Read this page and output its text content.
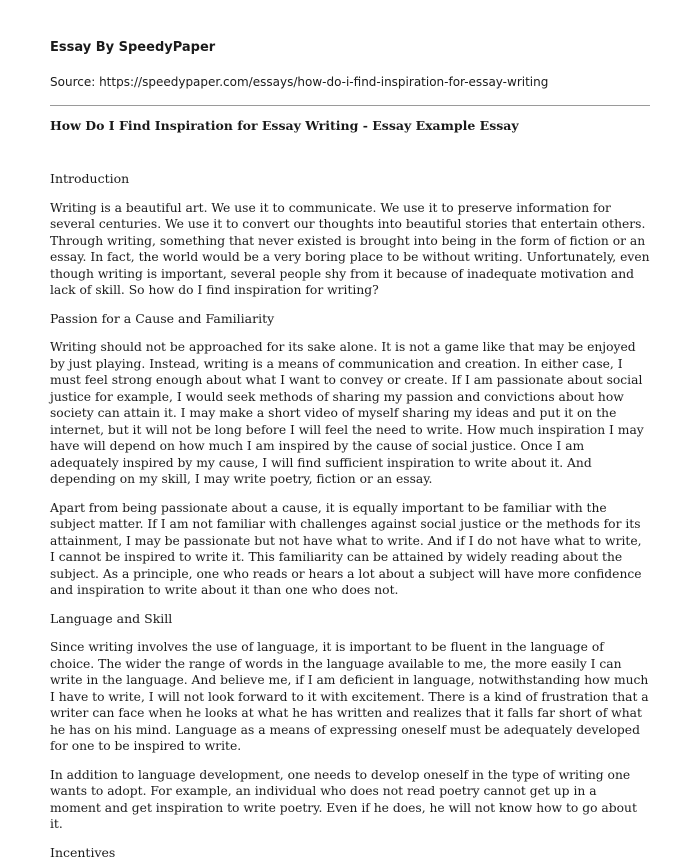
Essay By SpeedyPaper
Source: https://speedypaper.com/essays/how-do-i-find-inspiration-for-essay-writing
How Do I Find Inspiration for Essay Writing - Essay Example Essay
Introduction

Writing is a beautiful art. We use it to communicate. We use it to preserve information for several centuries. We use it to convert our thoughts into beautiful stories that entertain others. Through writing, something that never existed is brought into being in the form of fiction or an essay. In fact, the world would be a very boring place to be without writing. Unfortunately, even though writing is important, several people shy from it because of inadequate motivation and lack of skill. So how do I find inspiration for writing?

Passion for a Cause and Familiarity

Writing should not be approached for its sake alone. It is not a game like that may be enjoyed by just playing. Instead, writing is a means of communication and creation. In either case, I must feel strong enough about what I want to convey or create. If I am passionate about social justice for example, I would seek methods of sharing my passion and convictions about how society can attain it. I may make a short video of myself sharing my ideas and put it on the internet, but it will not be long before I will feel the need to write. How much inspiration I may have will depend on how much I am inspired by the cause of social justice. Once I am adequately inspired by my cause, I will find sufficient inspiration to write about it. And depending on my skill, I may write poetry, fiction or an essay.

Apart from being passionate about a cause, it is equally important to be familiar with the subject matter. If I am not familiar with challenges against social justice or the methods for its attainment, I may be passionate but not have what to write. And if I do not have what to write, I cannot be inspired to write it. This familiarity can be attained by widely reading about the subject. As a principle, one who reads or hears a lot about a subject will have more confidence and inspiration to write about it than one who does not.

Language and Skill

Since writing involves the use of language, it is important to be fluent in the language of choice. The wider the range of words in the language available to me, the more easily I can write in the language. And believe me, if I am deficient in language, notwithstanding how much I have to write, I will not look forward to it with excitement. There is a kind of frustration that a writer can face when he looks at what he has written and realizes that it falls far short of what he has on his mind. Language as a means of expressing oneself must be adequately developed for one to be inspired to write.

In addition to language development, one needs to develop oneself in the type of writing one wants to adopt. For example, an individual who does not read poetry cannot get up in a moment and get inspiration to write poetry. Even if he does, he will not know how to go about it.

Incentives
